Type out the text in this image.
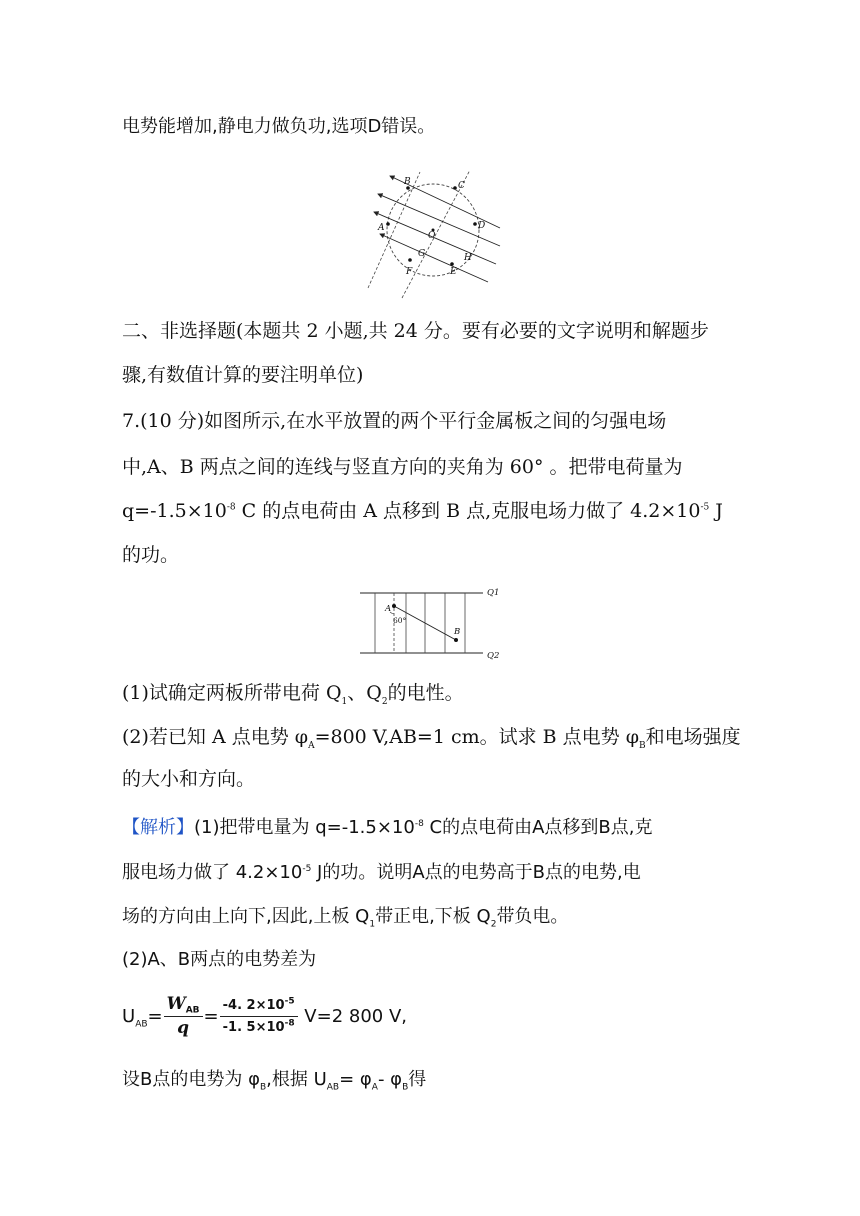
电势能增加,静电力做负功,选项D错误。
B	C
A
O
D
F
G	H
E
二、非选择题(本题共 2 小题,共 24 分。要有必要的文字说明和解题步
骤,有数值计算的要注明单位)
7.(10 分)如图所示,在水平放置的两个平行金属板之间的匀强电场
中,A、B 两点之间的连线与竖直方向的夹角为 60° 。把带电荷量为
$q=-1.5\times 10^{-8}$ C 的点电荷由 A 点移到 B 点,克服电场力做了 $4.2\times 10^{-5}$ J
的功。
Q1
Q2
A
B
60°
(1)试确定两板所带电荷 $Q_1$、$Q_2$的电性。
(2)若已知 A 点电势 $\varphi_A=800$ V,AB=1 cm。试求 B 点电势 $\varphi_B$和电场强度
的大小和方向。
【解析】(1)把带电量为 $q=-1.5\times 10^{-8}$ C的点电荷由A点移到B点,克
服电场力做了 $4.2\times 10^{-5}$ J的功。说明A点的电势高于B点的电势,电
场的方向由上向下,因此,上板 $Q_1$带正电,下板 $Q_2$带负电。
(2)A、B两点的电势差为
$U_{AB}= \frac{W_{AB}}{q} = \frac{-4. 2\times 10^{-5}}{-1. 5\times 10^{-8}} V=2$ 800 V,
设B点的电势为 $\varphi_B$,根据 $U_{AB}= \varphi_A-$ $\varphi_B$得
